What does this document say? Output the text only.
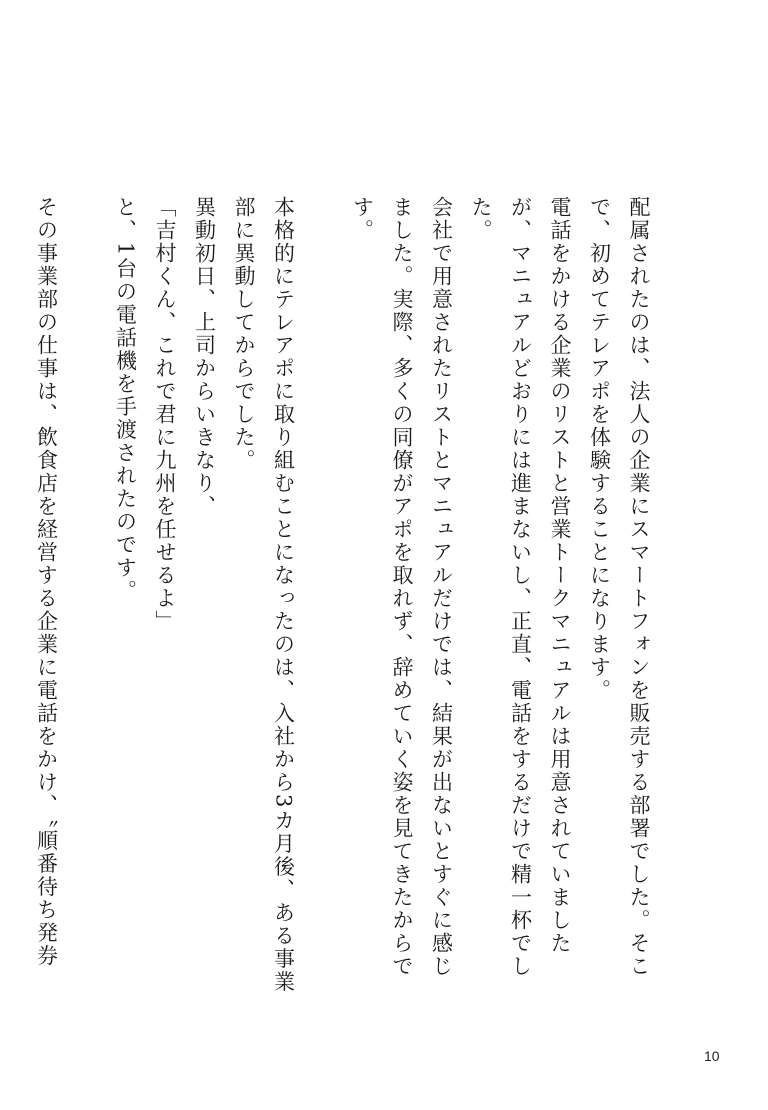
配属されたのは、法人の企業にスマートフォンを販売する部署でした。そこで、初めてテレアポを体験することになります。

電話をかける企業のリストと営業トークマニュアルは用意されていましたが、マニュアルどおりには進まないし、正直、電話をするだけで精一杯でした。

会社で用意されたリストとマニュアルだけでは、結果が出ないとすぐに感じました。実際、多くの同僚がアポを取れず、辞めていく姿を見てきたからです。

本格的にテレアポに取り組むことになったのは、入社から3カ月後、ある事業部に異動してからでした。

異動初日、上司からいきなり、

「吉村くん、これで君に九州を任せるよ」

と、1台の電話機を手渡されたのです。

その事業部の仕事は、飲食店を経営する企業に電話をかけ、〝順番待ち発券

10
